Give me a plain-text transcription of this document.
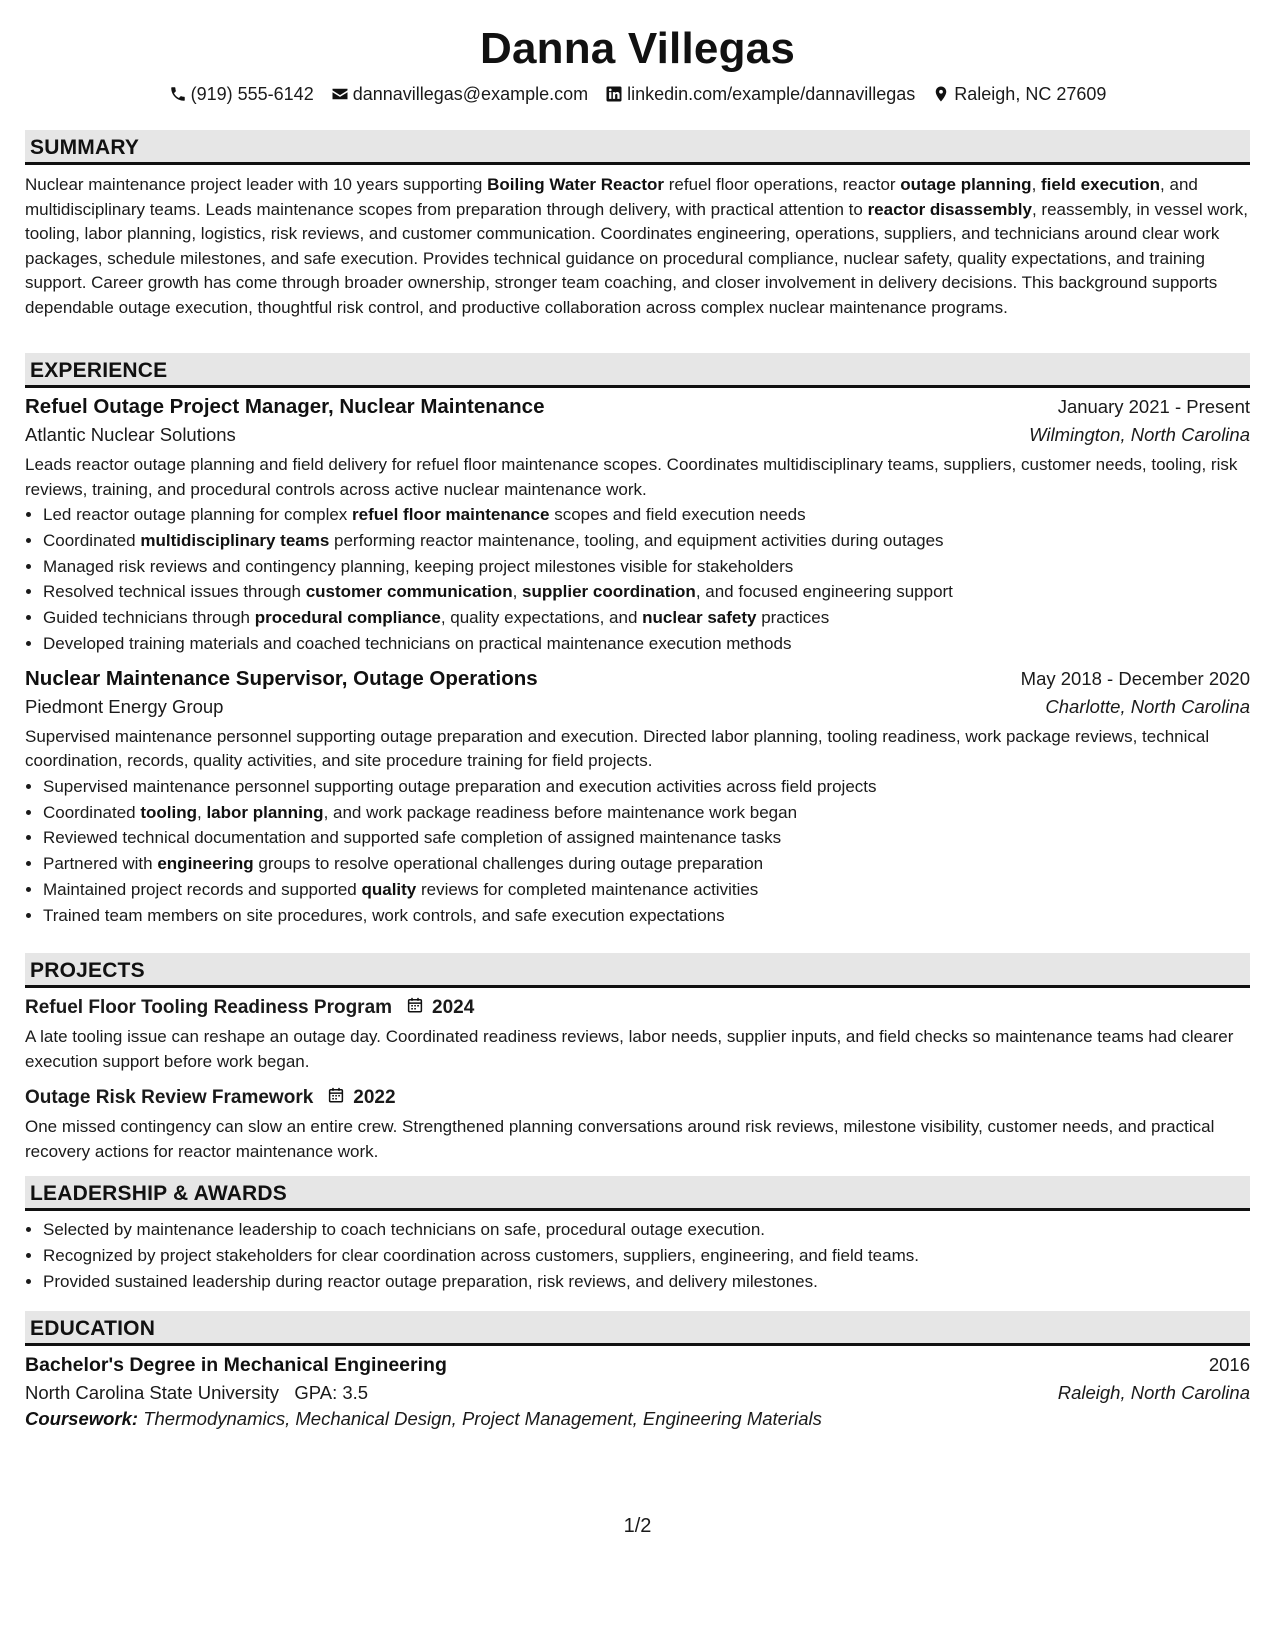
Danna Villegas
(919) 555-6142 dannavillegas@example.com linkedin.com/example/dannavillegas Raleigh, NC 27609
SUMMARY

Nuclear maintenance project leader with 10 years supporting Boiling Water Reactor refuel floor operations, reactor outage planning, field execution, and multidisciplinary teams. Leads maintenance scopes from preparation through delivery, with practical attention to reactor disassembly, reassembly, in vessel work, tooling, labor planning, logistics, risk reviews, and customer communication. Coordinates engineering, operations, suppliers, and technicians around clear work packages, schedule milestones, and safe execution. Provides technical guidance on procedural compliance, nuclear safety, quality expectations, and training support. Career growth has come through broader ownership, stronger team coaching, and closer involvement in delivery decisions. This background supports dependable outage execution, thoughtful risk control, and productive collaboration across complex nuclear maintenance programs.

EXPERIENCE
Refuel Outage Project Manager, Nuclear Maintenance	January 2021 - Present
Atlantic Nuclear Solutions	Wilmington, North Carolina

Leads reactor outage planning and field delivery for refuel floor maintenance scopes. Coordinates multidisciplinary teams, suppliers, customer needs, tooling, risk reviews, training, and procedural controls across active nuclear maintenance work.

• Led reactor outage planning for complex refuel floor maintenance scopes and field execution needs
• Coordinated multidisciplinary teams performing reactor maintenance, tooling, and equipment activities during outages
• Managed risk reviews and contingency planning, keeping project milestones visible for stakeholders
• Resolved technical issues through customer communication, supplier coordination, and focused engineering support
• Guided technicians through procedural compliance, quality expectations, and nuclear safety practices
• Developed training materials and coached technicians on practical maintenance execution methods
Nuclear Maintenance Supervisor, Outage Operations	May 2018 - December 2020
Piedmont Energy Group	Charlotte, North Carolina

Supervised maintenance personnel supporting outage preparation and execution. Directed labor planning, tooling readiness, work package reviews, technical coordination, records, quality activities, and site procedure training for field projects.

• Supervised maintenance personnel supporting outage preparation and execution activities across field projects
• Coordinated tooling, labor planning, and work package readiness before maintenance work began
• Reviewed technical documentation and supported safe completion of assigned maintenance tasks
• Partnered with engineering groups to resolve operational challenges during outage preparation
• Maintained project records and supported quality reviews for completed maintenance activities
• Trained team members on site procedures, work controls, and safe execution expectations
PROJECTS
Refuel Floor Tooling Readiness Program 2024

A late tooling issue can reshape an outage day. Coordinated readiness reviews, labor needs, supplier inputs, and field checks so maintenance teams had clearer execution support before work began.

Outage Risk Review Framework 2022

One missed contingency can slow an entire crew. Strengthened planning conversations around risk reviews, milestone visibility, customer needs, and practical recovery actions for reactor maintenance work.

LEADERSHIP & AWARDS
• Selected by maintenance leadership to coach technicians on safe, procedural outage execution.
• Recognized by project stakeholders for clear coordination across customers, suppliers, engineering, and field teams.
• Provided sustained leadership during reactor outage preparation, risk reviews, and delivery milestones.
EDUCATION
Bachelor's Degree in Mechanical Engineering	2016
North Carolina State University GPA: 3.5	Raleigh, North Carolina
Coursework: Thermodynamics, Mechanical Design, Project Management, Engineering Materials
1/2
